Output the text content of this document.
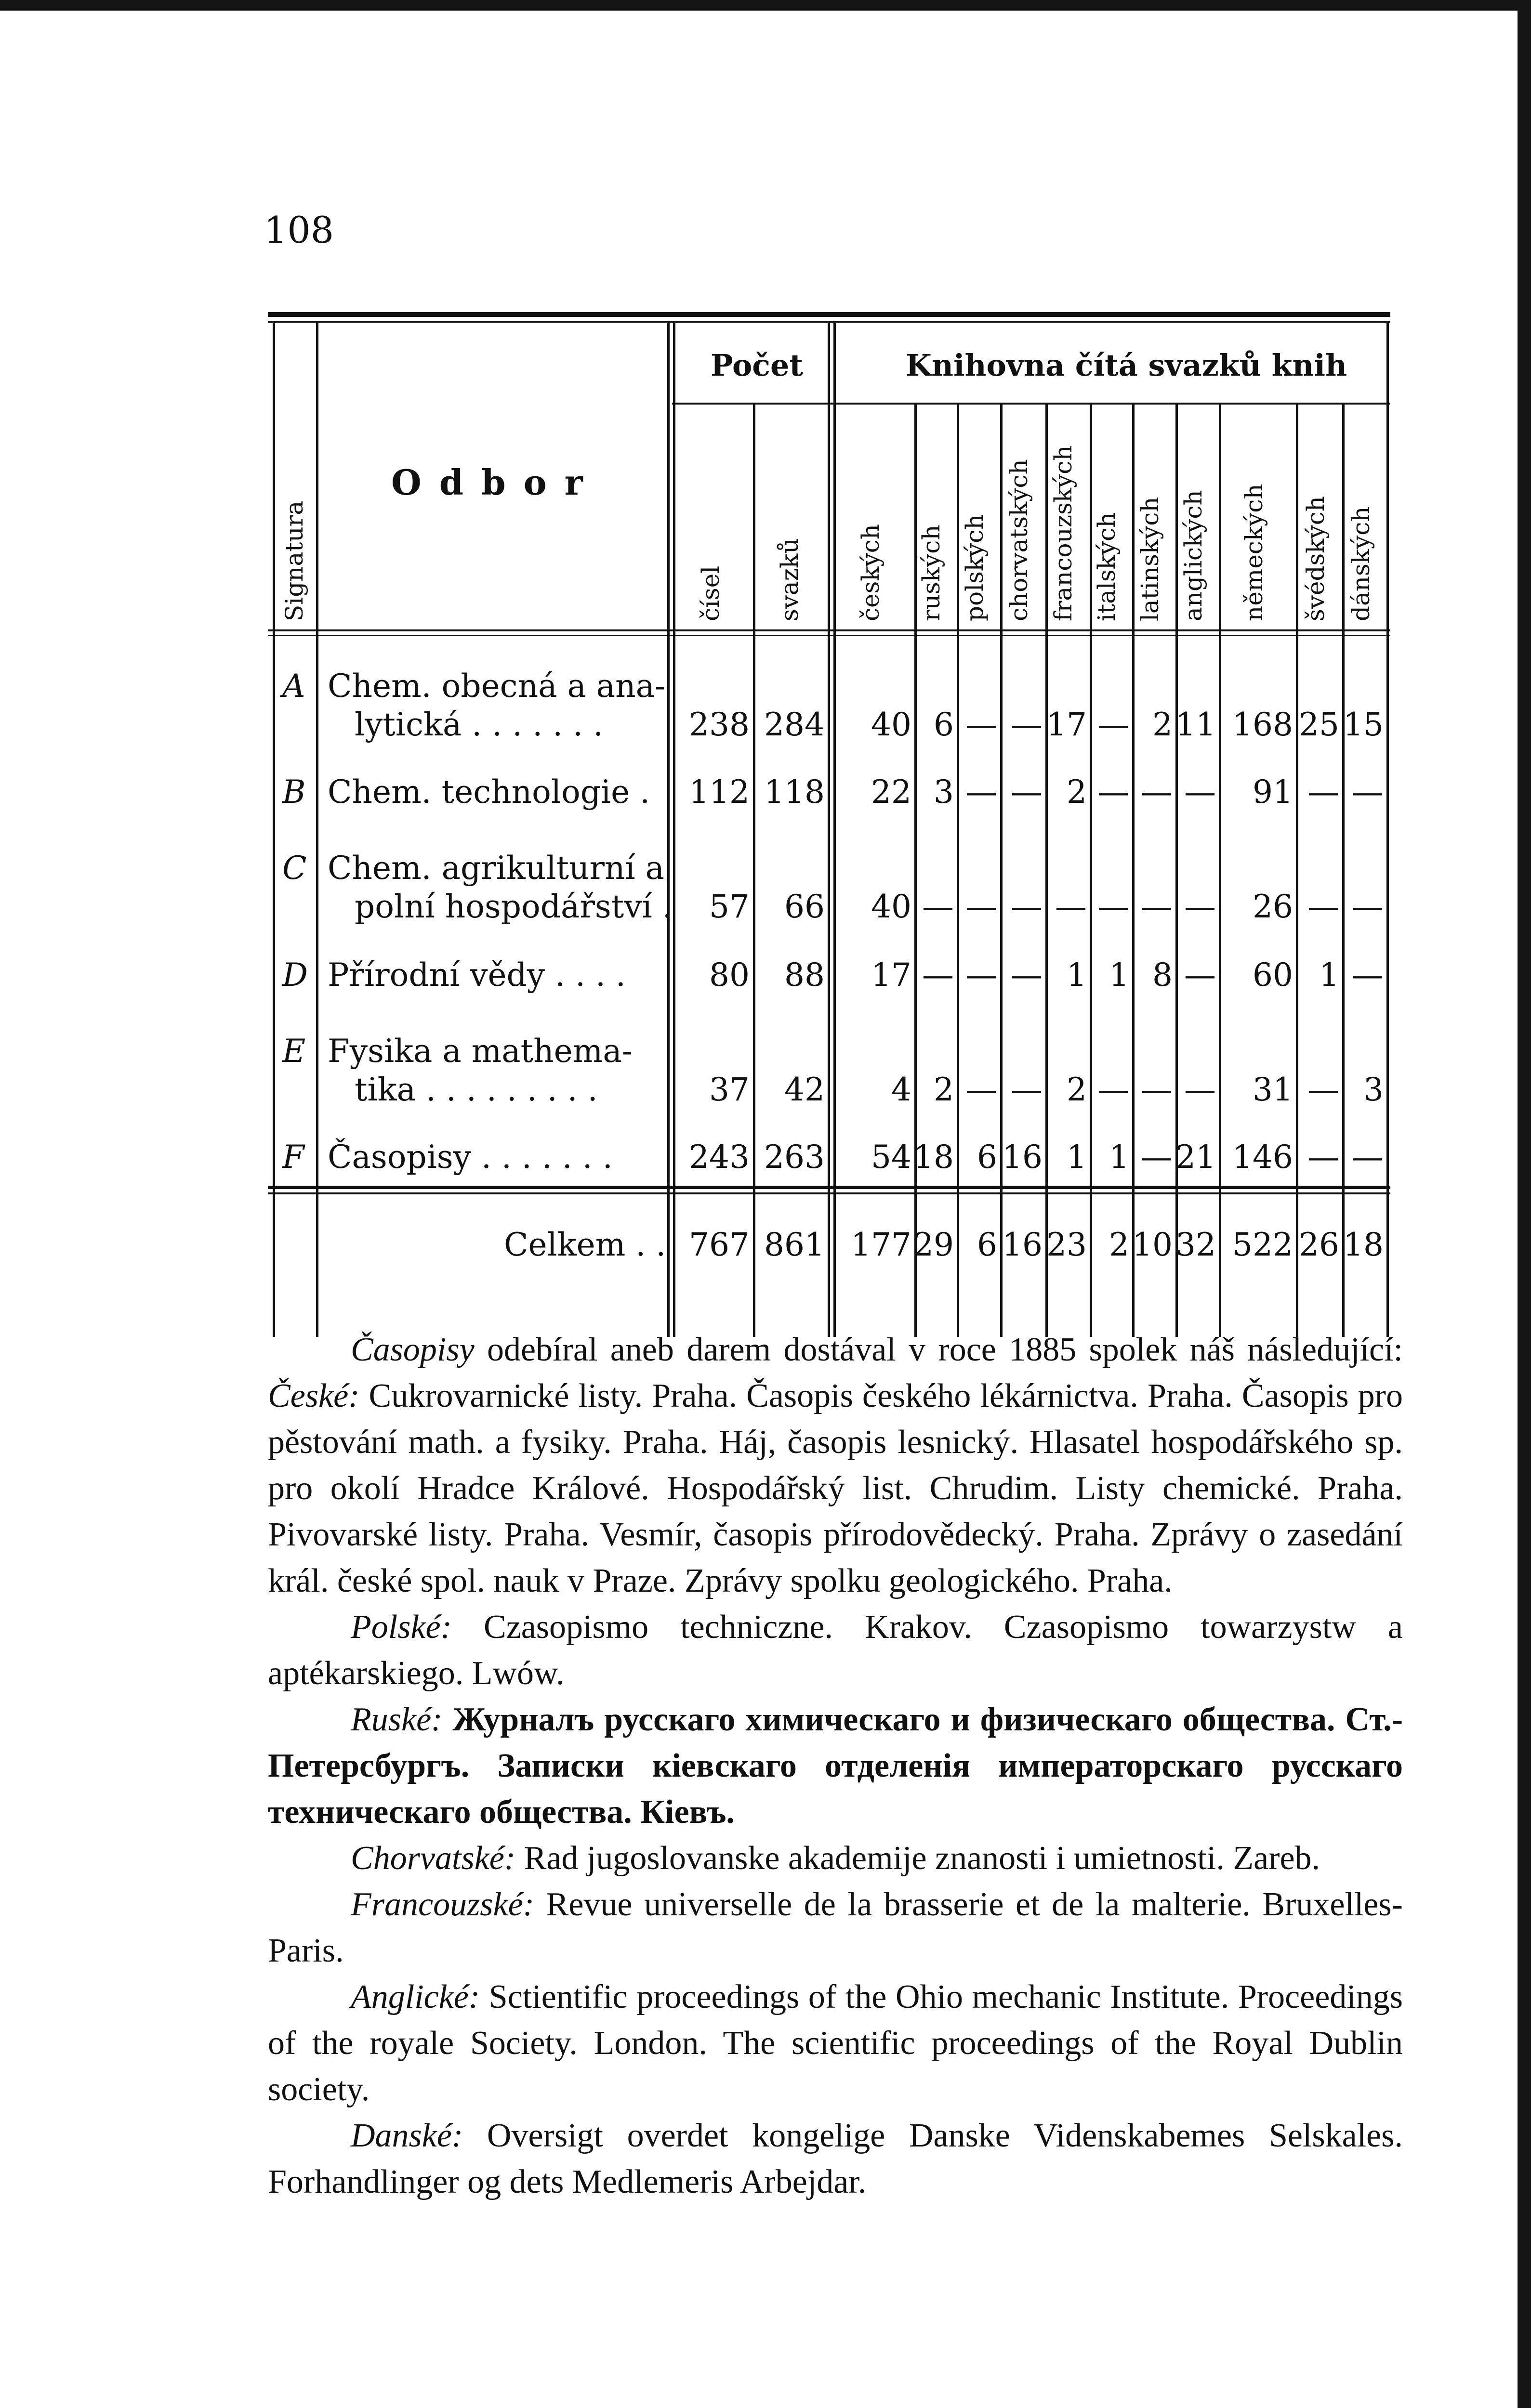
108
Signatura
O d b o r
Počet	Knihovna čítá svazků knih
čísel svazků českých ruských polských chorvatských francouzských italských latinských anglických německých švédských dánských
A Chem. obecná a ana-
lytická . . . . . . .	238 284 40 6 — — 17 — 2 11 168 25 15
B Chem. technologie . 112 118 22 3 — — 2 — — — 91 — —
C Chem. agrikulturní a
polní hospodářství . 57 66 40 — — — — — — — 26 — —
D Přírodní vědy . . . .	80 88 17 — — — 1 1 8 — 60 1 —
E Fysika a mathema-
tika . . . . . . . . .	37 42 4 2 — — 2 — — — 31 — 3
F Časopisy . . . . . . . 243 263 54 18 6 16 1 1 — 21 146 — —
Celkem . . 767 861 177 29 6 16 23 2 10 32 522 26 18

Časopisy odebíral aneb darem dostával v roce 1885 spolek náš následující: České: Cukrovarnické listy. Praha. Časopis českého lékárnictva. Praha. Časopis pro pěstování math. a fysiky. Praha. Háj, časopis lesnický. Hlasatel hospodářského sp. pro okolí Hradce Králové. Hospodářský list. Chrudim. Listy chemické. Praha. Pivovarské listy. Praha. Vesmír, časopis přírodovědecký. Praha. Zprávy o zasedání král. české spol. nauk v Praze. Zprávy spolku geologického. Praha.

Polské: Czasopismo techniczne. Krakov. Czasopismo towarzystw a aptékarskiego. Lwów.

Ruské: Журналъ русскаго химическаго и физическаго общества. Ст.-Петерсбургъ. Записки кіевскаго отделенія императорскаго русскаго техническаго общества. Кіевъ.

Chorvatské: Rad jugoslovanske akademije znanosti i umietnosti. Zareb.

Francouzské: Revue universelle de la brasserie et de la malterie. Bruxelles-Paris.

Anglické: Sctientific proceedings of the Ohio mechanic Institute. Proceedings of the royale Society. London. The scientific proceedings of the Royal Dublin society.

Danské: Oversigt overdet kongelige Danske Videnskabemes Selskales. Forhandlinger og dets Medlemeris Arbejdar.
